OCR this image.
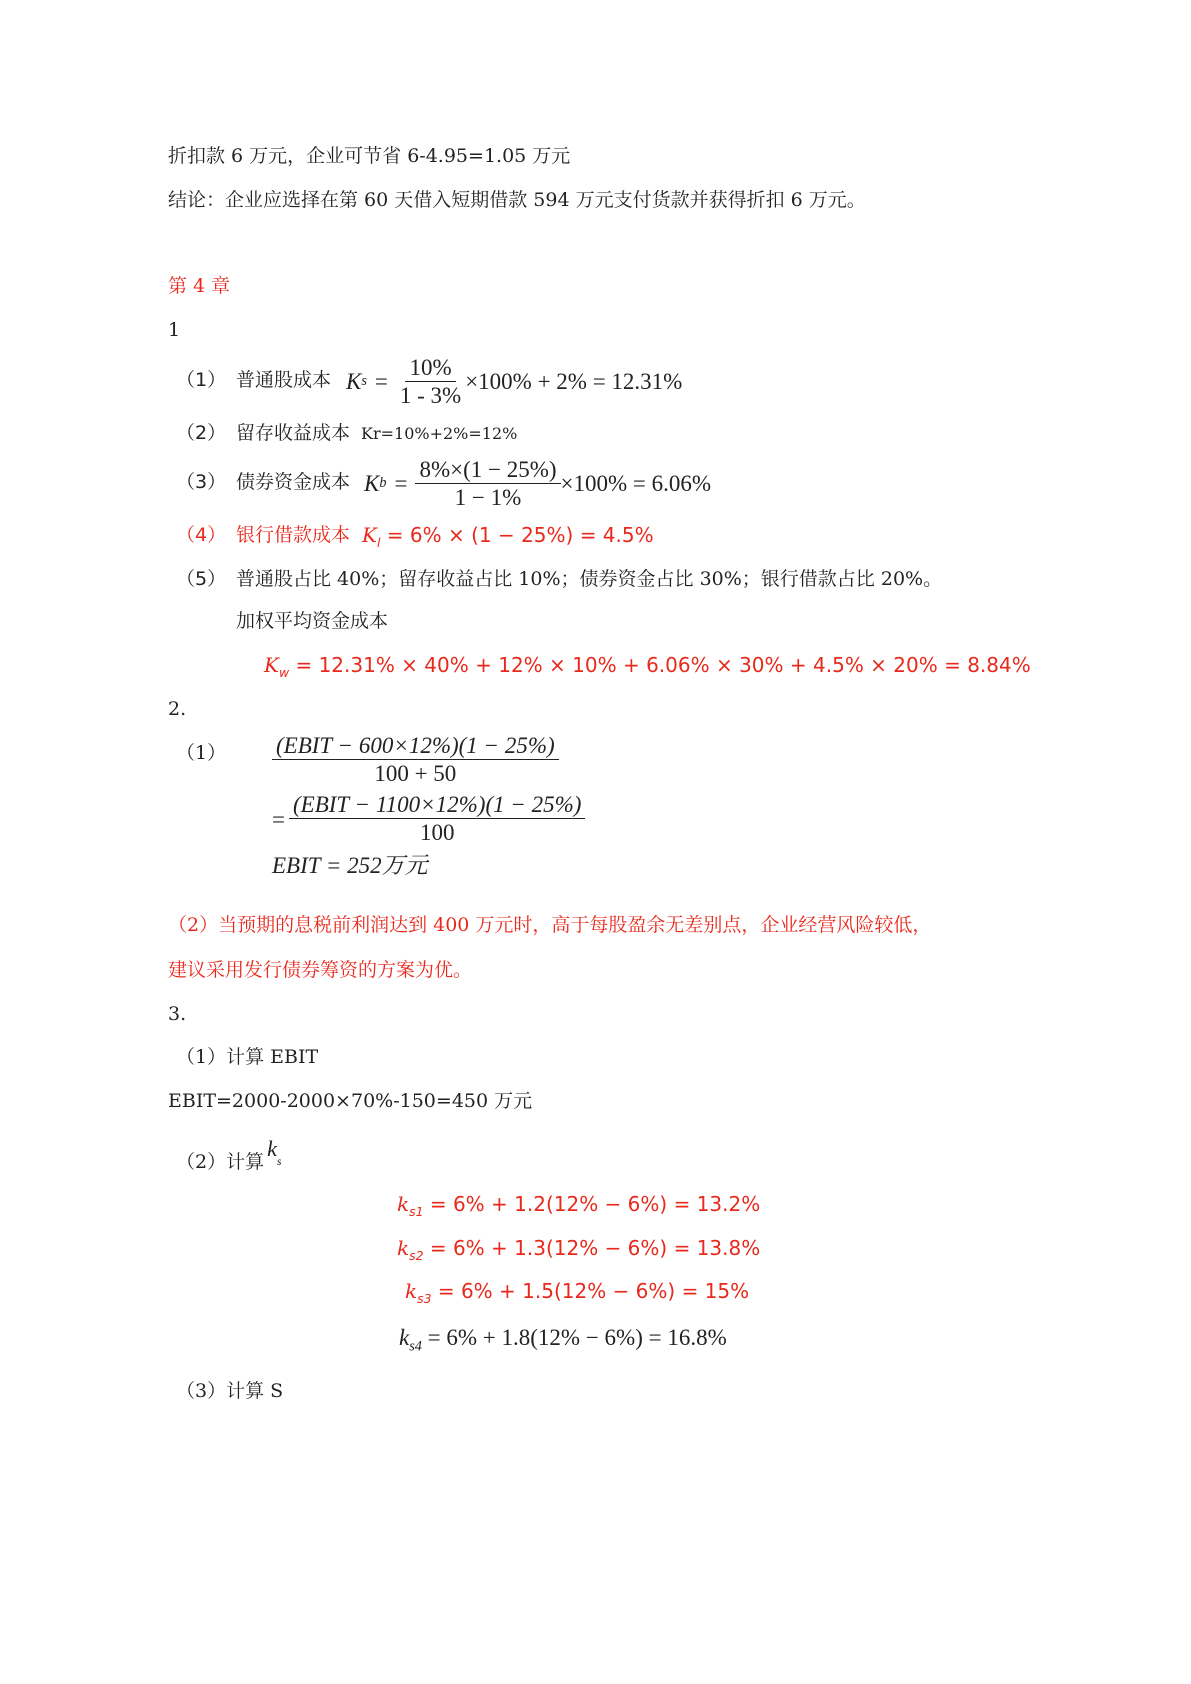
折扣款 6 万元，企业可节省 6-4.95=1.05 万元
结论：企业应选择在第 60 天借入短期借款 594 万元支付货款并获得折扣 6 万元。
第 4 章
1
（1） 普通股成本 K $s = \frac{10\%}{1 - 3\%} \times 100\% + 2\% = 12.31\%$
（2） 留存收益成本 Kr=10%+2%=12%
（3） 债券资金成本 K $b = \frac{8\%\times(1 - 25\%)}{1 - 1\%} \times 100\% = 6.06\%$
（4） 银行借款成本 $K_l = 6\% \times (1 - 25\%) = 4.5\%$
（5） 普通股占比 40%；留存收益占比 10%；债券资金占比 30%；银行借款占比 20%。
加权平均资金成本
$K_w = 12.31\% \times 40\% + 12\% \times 10\% + 6.06\% \times 30\% + 4.5\% \times 20\% = 8.84\%$
2.
$(1) \frac{\text{(EBIT − 600×12\%)(1 − 25\%)}}{100 + 50}$
= $\frac{\text{(EBIT − 1100×12\%)(1 − 25\%)}}{100}$
EBIT = 252万元
（2）当预期的息税前利润达到 400 万元时，高于每股盈余无差别点，企业经营风险较低，
建议采用发行债券筹资的方案为优。
3.
（1）计算 EBIT
EBIT=2000-2000×70%-150=450 万元
（2）计算$k_s$
$k_{s1} = 6\% + 1.2(12\% - 6\%) = 13.2\%$
$k_{s2} = 6\% + 1.3(12\% - 6\%) = 13.8\%$
$k_{s3} = 6\% + 1.5(12\% - 6\%) = 15\%$
$k_{s4} = 6\% + 1.8(12\% - 6\%) = 16.8\%$
（3）计算 S
